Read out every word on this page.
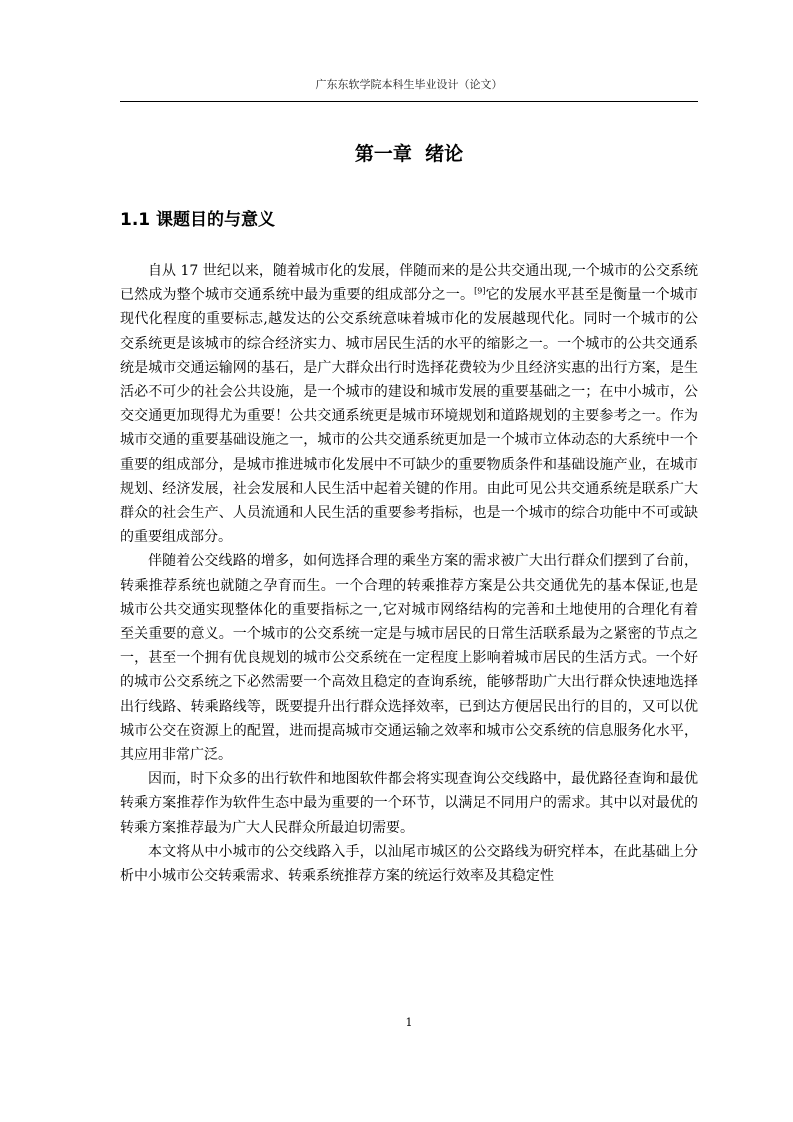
广东东软学院本科生毕业设计（论文）
第一章  绪论
1.1 课题目的与意义

自从 17 世纪以来，随着城市化的发展，伴随而来的是公共交通出现,一个城市的公交系统已然成为整个城市交通系统中最为重要的组成部分之一。[9]它的发展水平甚至是衡量一个城市现代化程度的重要标志,越发达的公交系统意味着城市化的发展越现代化。同时一个城市的公交系统更是该城市的综合经济实力、城市居民生活的水平的缩影之一。一个城市的公共交通系统是城市交通运输网的基石，是广大群众出行时选择花费较为少且经济实惠的出行方案，是生活必不可少的社会公共设施，是一个城市的建设和城市发展的重要基础之一；在中小城市，公交交通更加现得尤为重要！公共交通系统更是城市环境规划和道路规划的主要参考之一。作为城市交通的重要基础设施之一，城市的公共交通系统更加是一个城市立体动态的大系统中一个重要的组成部分，是城市推进城市化发展中不可缺少的重要物质条件和基础设施产业，在城市规划、经济发展，社会发展和人民生活中起着关键的作用。由此可见公共交通系统是联系广大群众的社会生产、人员流通和人民生活的重要参考指标，也是一个城市的综合功能中不可或缺的重要组成部分。

伴随着公交线路的增多，如何选择合理的乘坐方案的需求被广大出行群众们摆到了台前，转乘推荐系统也就随之孕育而生。一个合理的转乘推荐方案是公共交通优先的基本保证,也是城市公共交通实现整体化的重要指标之一,它对城市网络结构的完善和土地使用的合理化有着至关重要的意义。一个城市的公交系统一定是与城市居民的日常生活联系最为之紧密的节点之一，甚至一个拥有优良规划的城市公交系统在一定程度上影响着城市居民的生活方式。一个好的城市公交系统之下必然需要一个高效且稳定的查询系统，能够帮助广大出行群众快速地选择出行线路、转乘路线等，既要提升出行群众选择效率，已到达方便居民出行的目的，又可以优城市公交在资源上的配置，进而提高城市交通运输之效率和城市公交系统的信息服务化水平，其应用非常广泛。

因而，时下众多的出行软件和地图软件都会将实现查询公交线路中，最优路径查询和最优转乘方案推荐作为软件生态中最为重要的一个环节，以满足不同用户的需求。其中以对最优的转乘方案推荐最为广大人民群众所最迫切需要。

本文将从中小城市的公交线路入手，以汕尾市城区的公交路线为研究样本，在此基础上分析中小城市公交转乘需求、转乘系统推荐方案的统运行效率及其稳定性

1
